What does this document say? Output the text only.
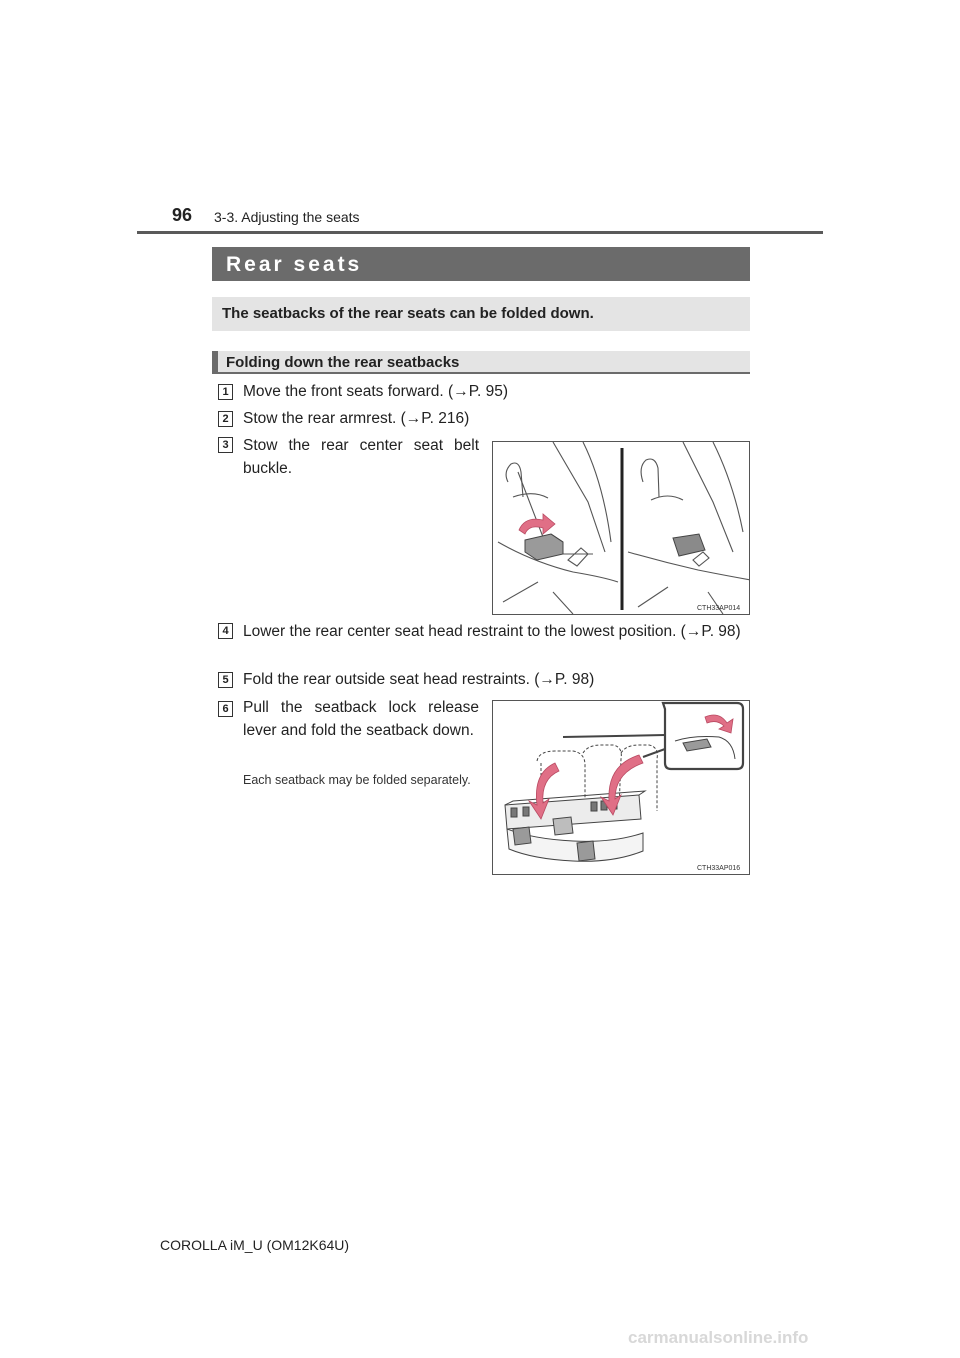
96 3-3. Adjusting the seats
Rear seats
The seatbacks of the rear seats can be folded down.
Folding down the rear seatbacks
1 Move the front seats forward. (→P. 95)
2 Stow the rear armrest. (→P. 216)
3 Stow the rear center seat belt buckle.
CTH33AP014
4 Lower the rear center seat head restraint to the lowest position. (→P. 98)
5 Fold the rear outside seat head restraints. (→P. 98)
6 Pull the seatback lock release lever and fold the seatback down.
Each seatback may be folded separately.
CTH33AP016
COROLLA iM_U (OM12K64U)
carmanualsonline.info
